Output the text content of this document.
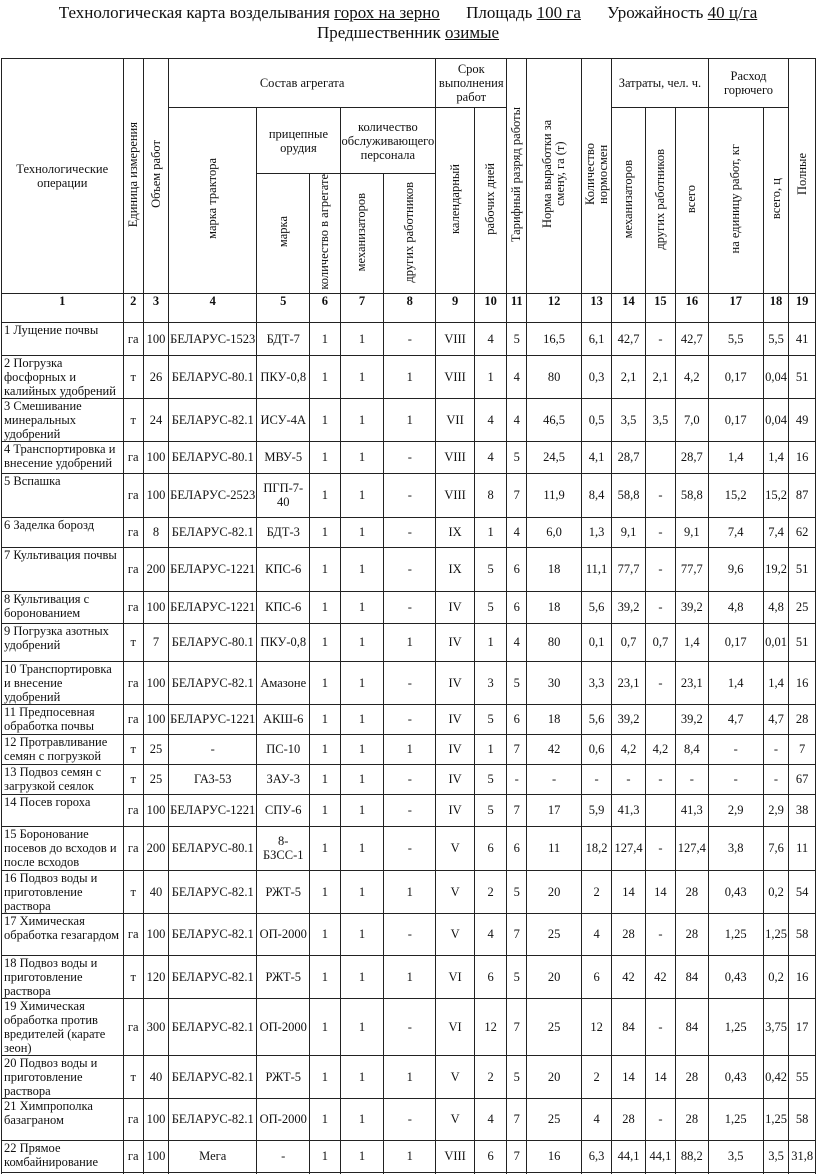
Технологическая карта возделывания горох на зерно Площадь 100 га Урожайность 40 ц/га
Предшественник озимые
Технологические операции	Единица измерения	Объем работ	Состав агрегата					Срок выполнения работ		Тарифный разряд работы	Норма выработки за смену, га (т)	Количество нормосмен	Затраты, чел. ч.			Расход горючего		Полные
			марка трактора	прицепные орудия		количество обслуживающего персонала		календарный	рабочих дней				механизаторов	других работников	всего	на единицу работ, кг	всего, ц	
				марка	количество в агрегате	механизаторов	других работников											
1	2	3	4	5	6	7	8	9	10	11	12	13	14	15	16	17	18	19
1 Лущение почвы	га	100	БЕЛАРУС-1523	БДТ-7	1	1	-	VIII	4	5	16,5	6,1	42,7	-	42,7	5,5	5,5	41
2 Погрузка фосфорных и калийных удобрений	т	26	БЕЛАРУС-80.1	ПКУ-0,8	1	1	1	VIII	1	4	80	0,3	2,1	2,1	4,2	0,17	0,04	51
3 Смешивание минеральных удобрений	т	24	БЕЛАРУС-82.1	ИСУ-4А	1	1	1	VII	4	4	46,5	0,5	3,5	3,5	7,0	0,17	0,04	49
4 Транспортировка и внесение удобрений	га	100	БЕЛАРУС-80.1	МВУ-5	1	1	-	VIII	4	5	24,5	4,1	28,7		28,7	1,4	1,4	16
5 Вспашка	га	100	БЕЛАРУС-2523	ПГП-7-40	1	1	-	VIII	8	7	11,9	8,4	58,8	-	58,8	15,2	15,2	87
6 Заделка борозд	га	8	БЕЛАРУС-82.1	БДТ-3	1	1	-	IX	1	4	6,0	1,3	9,1	-	9,1	7,4	7,4	62
7 Культивация почвы	га	200	БЕЛАРУС-1221	КПС-6	1	1	-	IX	5	6	18	11,1	77,7	-	77,7	9,6	19,2	51
8 Культивация с боронованием	га	100	БЕЛАРУС-1221	КПС-6	1	1	-	IV	5	6	18	5,6	39,2	-	39,2	4,8	4,8	25
9 Погрузка азотных удобрений	т	7	БЕЛАРУС-80.1	ПКУ-0,8	1	1	1	IV	1	4	80	0,1	0,7	0,7	1,4	0,17	0,01	51
10 Транспортировка и внесение удобрений	га	100	БЕЛАРУС-82.1	Амазоне	1	1	-	IV	3	5	30	3,3	23,1	-	23,1	1,4	1,4	16
11 Предпосевная обработка почвы	га	100	БЕЛАРУС-1221	АКШ-6	1	1	-	IV	5	6	18	5,6	39,2		39,2	4,7	4,7	28
12 Протравливание семян с погрузкой	т	25	-	ПС-10	1	1	1	IV	1	7	42	0,6	4,2	4,2	8,4	-	-	7
13 Подвоз семян с загрузкой сеялок	т	25	ГАЗ-53	ЗАУ-3	1	1	-	IV	5	-	-	-	-	-	-	-	-	67
14 Посев гороха	га	100	БЕЛАРУС-1221	СПУ-6	1	1	-	IV	5	7	17	5,9	41,3		41,3	2,9	2,9	38
15 Боронование посевов до всходов и после всходов	га	200	БЕЛАРУС-80.1	8-БЗСС-1	1	1	-	V	6	6	11	18,2	127,4	-	127,4	3,8	7,6	11
16 Подвоз воды и приготовление раствора	т	40	БЕЛАРУС-82.1	РЖТ-5	1	1	1	V	2	5	20	2	14	14	28	0,43	0,2	54
17 Химическая обработка гезагардом	га	100	БЕЛАРУС-82.1	ОП-2000	1	1	-	V	4	7	25	4	28	-	28	1,25	1,25	58
18 Подвоз воды и приготовление раствора	т	120	БЕЛАРУС-82.1	РЖТ-5	1	1	1	VI	6	5	20	6	42	42	84	0,43	0,2	16
19 Химическая обработка против вредителей (карате зеон)	га	300	БЕЛАРУС-82.1	ОП-2000	1	1	-	VI	12	7	25	12	84	-	84	1,25	3,75	17
20 Подвоз воды и приготовление раствора	т	40	БЕЛАРУС-82.1	РЖТ-5	1	1	1	V	2	5	20	2	14	14	28	0,43	0,42	55
21 Химпрополка базаграном	га	100	БЕЛАРУС-82.1	ОП-2000	1	1	-	V	4	7	25	4	28	-	28	1,25	1,25	58
22 Прямое комбайнирование	га	100	Мега	-	1	1	1	VIII	6	7	16	6,3	44,1	44,1	88,2	3,5	3,5	31,8
